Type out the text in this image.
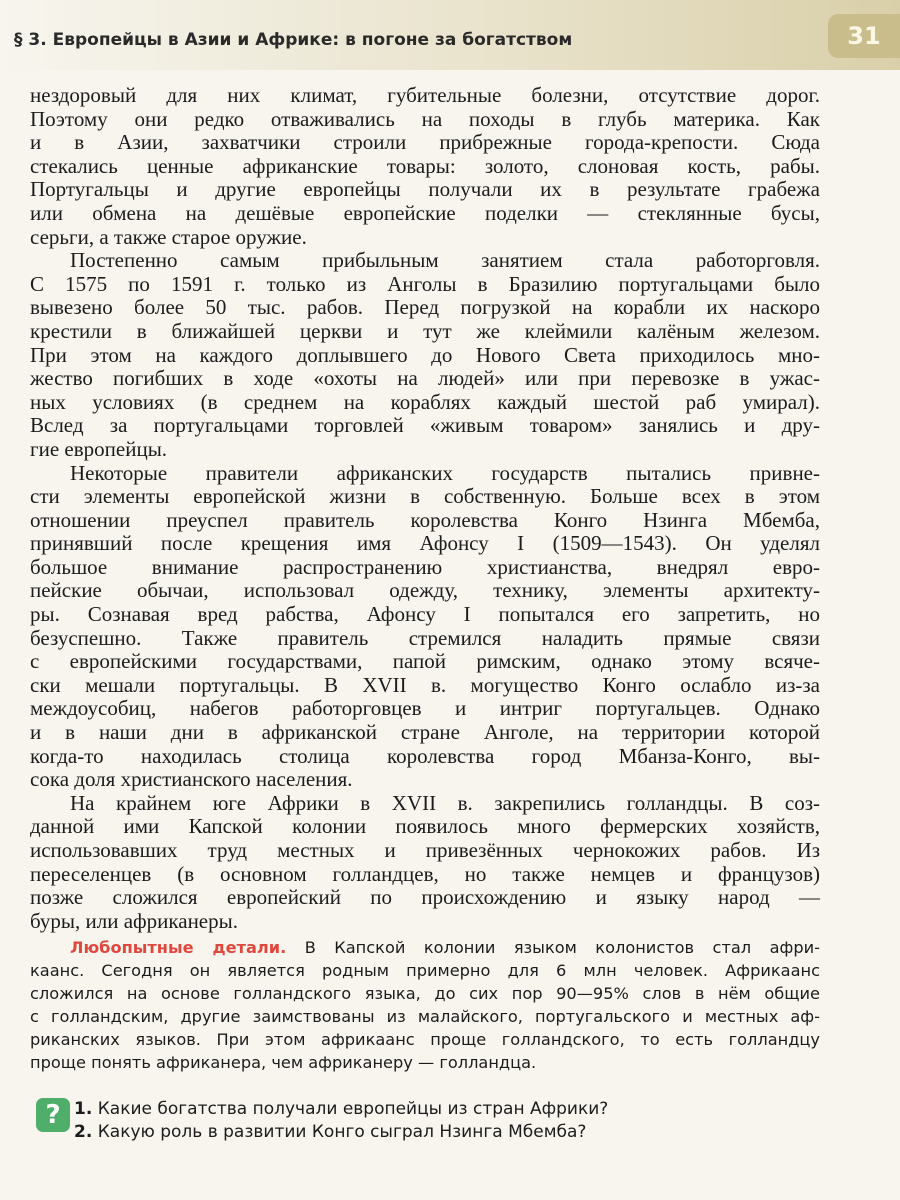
§ 3. Европейцы в Азии и Африке: в погоне за богатством	31
нездоровый для них климат, губительные болезни, отсутствие дорог.
Поэтому они редко отваживались на походы в глубь материка. Как
и в Азии, захватчики строили прибрежные города-крепости. Сюда
стекались ценные африканские товары: золото, слоновая кость, рабы.
Португальцы и другие европейцы получали их в результате грабежа
или обмена на дешёвые европейские поделки — стеклянные бусы,
серьги, а также старое оружие.
Постепенно самым прибыльным занятием стала работорговля.
С 1575 по 1591 г. только из Анголы в Бразилию португальцами было
вывезено более 50 тыс. рабов. Перед погрузкой на корабли их наскоро
крестили в ближайшей церкви и тут же клеймили калёным железом.
При этом на каждого доплывшего до Нового Света приходилось мно-
жество погибших в ходе «охоты на людей» или при перевозке в ужас-
ных условиях (в среднем на кораблях каждый шестой раб умирал).
Вслед за португальцами торговлей «живым товаром» занялись и дру-
гие европейцы.
Некоторые правители африканских государств пытались привне-
сти элементы европейской жизни в собственную. Больше всех в этом
отношении преуспел правитель королевства Конго Нзинга Мбемба,
принявший после крещения имя Афонсу I (1509—1543). Он уделял
большое внимание распространению христианства, внедрял евро-
пейские обычаи, использовал одежду, технику, элементы архитекту-
ры. Сознавая вред рабства, Афонсу I попытался его запретить, но
безуспешно. Также правитель стремился наладить прямые связи
с европейскими государствами, папой римским, однако этому всяче-
ски мешали португальцы. В XVII в. могущество Конго ослабло из-за
междоусобиц, набегов работорговцев и интриг португальцев. Однако
и в наши дни в африканской стране Анголе, на территории которой
когда-то находилась столица королевства город Мбанза-Конго, вы-
сока доля христианского населения.
На крайнем юге Африки в XVII в. закрепились голландцы. В соз-
данной ими Капской колонии появилось много фермерских хозяйств,
использовавших труд местных и привезённых чернокожих рабов. Из
переселенцев (в основном голландцев, но также немцев и французов)
позже сложился европейский по происхождению и языку народ —
буры, или африканеры.
Любопытные детали. В Капской колонии языком колонистов стал афри-
каанс. Сегодня он является родным примерно для 6 млн человек. Африкаанс
сложился на основе голландского языка, до сих пор 90—95% слов в нём общие
с голландским, другие заимствованы из малайского, португальского и местных аф-
риканских языков. При этом африкаанс проще голландского, то есть голландцу
проще понять африканера, чем африканеру — голландца.
? 1. Какие богатства получали европейцы из стран Африки?
2. Какую роль в развитии Конго сыграл Нзинга Мбемба?
